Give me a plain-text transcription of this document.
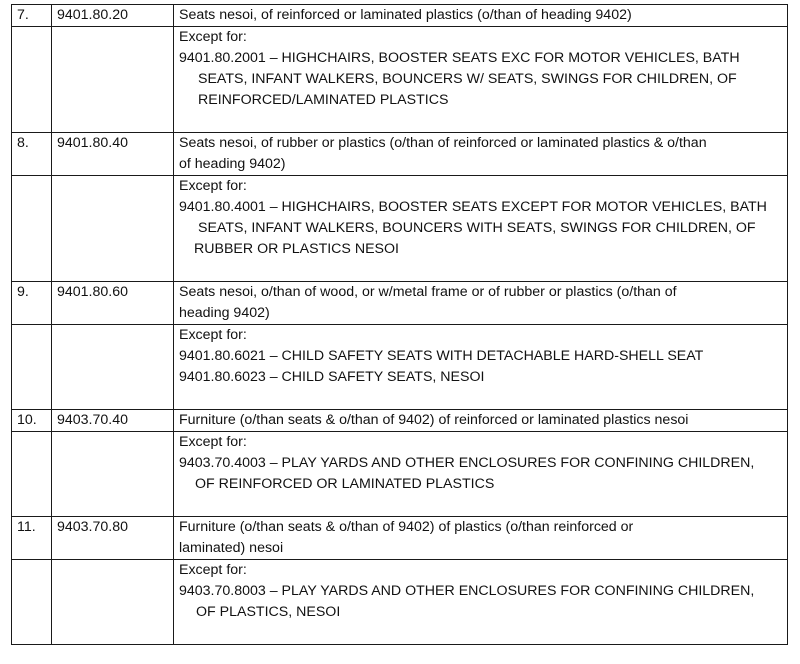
7.	9401.80.20	Seats nesoi, of reinforced or laminated plastics (o/than of heading 9402)

		Except for:
9401.80.2001 – HIGHCHAIRS, BOOSTER SEATS EXC FOR MOTOR VEHICLES, BATH
SEATS, INFANT WALKERS, BOUNCERS W/ SEATS, SWINGS FOR CHILDREN, OF
REINFORCED/LAMINATED PLASTICS

8.	9401.80.40	Seats nesoi, of rubber or plastics (o/than of reinforced or laminated plastics & o/than
of heading 9402)

		Except for:
9401.80.4001 – HIGHCHAIRS, BOOSTER SEATS EXCEPT FOR MOTOR VEHICLES, BATH
SEATS, INFANT WALKERS, BOUNCERS WITH SEATS, SWINGS FOR CHILDREN, OF
RUBBER OR PLASTICS NESOI

9.	9401.80.60	Seats nesoi, o/than of wood, or w/metal frame or of rubber or plastics (o/than of
heading 9402)

		Except for:
9401.80.6021 – CHILD SAFETY SEATS WITH DETACHABLE HARD-SHELL SEAT
9401.80.6023 – CHILD SAFETY SEATS, NESOI

10.	9403.70.40	Furniture (o/than seats & o/than of 9402) of reinforced or laminated plastics nesoi

		Except for:
9403.70.4003 – PLAY YARDS AND OTHER ENCLOSURES FOR CONFINING CHILDREN,
OF REINFORCED OR LAMINATED PLASTICS

11.	9403.70.80	Furniture (o/than seats & o/than of 9402) of plastics (o/than reinforced or
laminated) nesoi

		Except for:
9403.70.8003 – PLAY YARDS AND OTHER ENCLOSURES FOR CONFINING CHILDREN,
OF PLASTICS, NESOI
